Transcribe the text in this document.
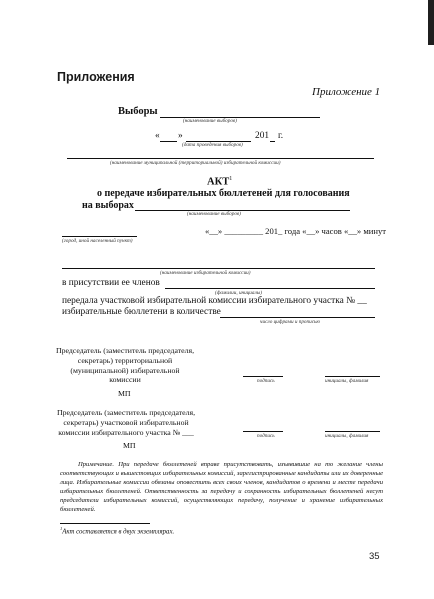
Приложения
Приложение 1
Выборы
(наименование выборов)
« »	201 г.
(дата проведения выборов)
(наименование муниципальной (территориальной) избирательной комиссии)
АКТ$^1$
о передаче избирательных бюллетеней для голосования
на выборах
(наименование выборов)
«__» _________ 201_ года «__» часов «__» минут
(город, иной населенный пункт)
(наименование избирательной комиссии)
в присутствии ее членов
(фамилии, инициалы)
передала участковой избирательной комиссии избирательного участка № __
избирательные бюллетени в количестве
число цифрами и прописью
Председатель (заместитель председателя,
секретарь) территориальной
(муниципальной) избирательной
комиссии
МП
подпись	инициалы, фамилия
Председатель (заместитель председателя,
секретарь) участковой избирательной
комиссии избирательного участка № ___
МП
подпись	инициалы, фамилия
Примечание. При передаче бюллетеней вправе присутствовать, изъявившие на то желание члены соответствующих и вышестоящих избирательных комиссий, зарегистрированные кандидаты или их доверенные лица. Избирательные комиссии обязаны оповестить всех своих членов, кандидатов о времени и месте передачи избирательных бюллетеней. Ответственность за передачу и сохранность избирательных бюллетеней несут председатели избирательных комиссий, осуществляющих передачу, получение и хранение избирательных бюллетеней.
$^1$Акт составляется в двух экземплярах.
35
